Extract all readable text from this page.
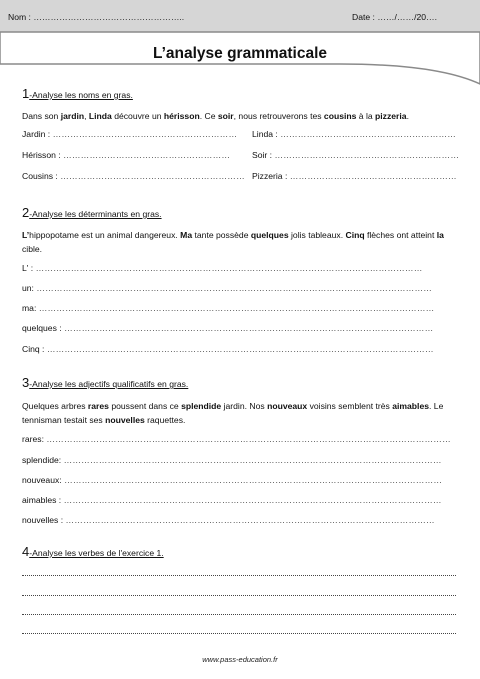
Nom : ……………………………………………..	Date : ……/……/20….
L’analyse grammaticale
1-Analyse les noms en gras.
Dans son jardin, Linda découvre un hérisson. Ce soir, nous retrouverons tes cousins à la pizzeria.
Jardin : ……………………………………………………… Linda : ……………………………………………………
Hérisson : …………………………………………………	Soir : ………………………………………………………
Cousins : ……………………………………………………… Pizzeria : …………………………………………………
2-Analyse les déterminants en gras.
L’hippopotame est un animal dangereux. Ma tante possède quelques jolis tableaux. Cinq flèches ont atteint la cible.
L' : ……………………………………………………………………………………………………………………
un: ………………………………………………………………………………………………………………………
ma: ………………………………………………………………………………………………………………………
quelques : ………………………………………………………………………………………………………………
Cinq : ……………………………………………………………………………………………………………………
3-Analyse les adjectifs qualificatifs en gras.
Quelques arbres rares poussent dans ce splendide jardin. Nos nouveaux voisins semblent très aimables. Le tennisman testait ses nouvelles raquettes.
rares: …………………………………………………………………………………………………………………………
splendide: …………………………………………………………………………………………………………………
nouveaux: …………………………………………………………………………………………………………………
aimables : …………………………………………………………………………………………………………………
nouvelles : ………………………………………………………………………………………………………………
4-Analyse les verbes de l'exercice 1.
www.pass-education.fr
